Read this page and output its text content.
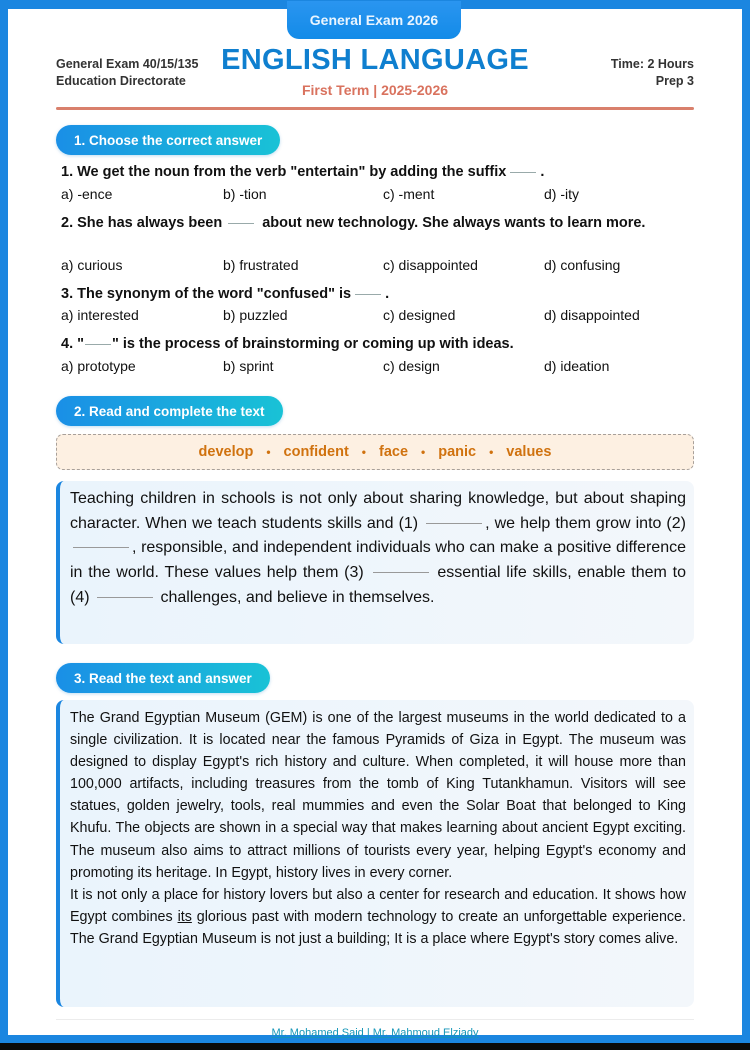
General Exam 2026
General Exam 40/15/135
Education Directorate
ENGLISH LANGUAGE
First Term | 2025-2026
Time: 2 Hours
Prep 3
1. Choose the correct answer
1. We get the noun from the verb "entertain" by adding the suffix .
a) -ence	b) -tion	c) -ment	d) -ity
2. She has always been	about new technology. She always wants to learn more.
a) curious	b) frustrated	c) disappointed	d) confusing
3. The synonym of the word "confused" is .
a) interested	b) puzzled	c) designed	d) disappointed
4. " " is the process of brainstorming or coming up with ideas.
a) prototype	b) sprint	c) design	d) ideation
2. Read and complete the text
develop • confident • face • panic • values

Teaching children in schools is not only about sharing knowledge, but about shaping character. When we teach students skills and (1)	, we help them grow into (2) , responsible, and independent individuals who can make a positive difference in the world. These values help them (3)	essential life skills, enable them to (4)	challenges, and believe in themselves.

3. Read the text and answer

The Grand Egyptian Museum (GEM) is one of the largest museums in the world dedicated to a single civilization. It is located near the famous Pyramids of Giza in Egypt. The museum was designed to display Egypt's rich history and culture. When completed, it will house more than 100,000 artifacts, including treasures from the tomb of King Tutankhamun. Visitors will see statues, golden jewelry, tools, real mummies and even the Solar Boat that belonged to King Khufu. The objects are shown in a special way that makes learning about ancient Egypt exciting. The museum also aims to attract millions of tourists every year, helping Egypt's economy and promoting its heritage. In Egypt, history lives in every corner.

It is not only a place for history lovers but also a center for research and education. It shows how Egypt combines its glorious past with modern technology to create an unforgettable experience. The Grand Egyptian Museum is not just a building; It is a place where Egypt's story comes alive.

Mr. Mohamed Said | Mr. Mahmoud Elziady
